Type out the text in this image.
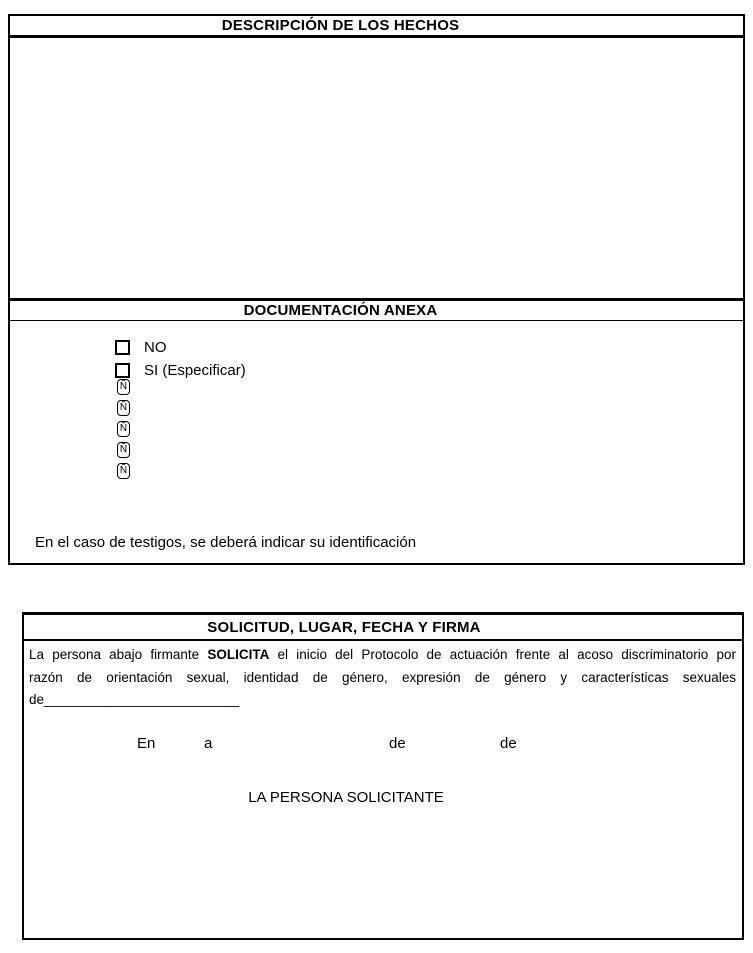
DESCRIPCIÓN DE LOS HECHOS
DOCUMENTACIÓN ANEXA
NO
SI (Especificar)
Ñ
Ñ
Ñ
Ñ
Ñ
En el caso de testigos, se deberá indicar su identificación
SOLICITUD, LUGAR, FECHA Y FIRMA
La persona abajo firmante SOLICITA el inicio del Protocolo de actuación frente al acoso discriminatorio por
razón de orientación sexual, identidad de género, expresión de género y características sexuales
de__________________________
En	a	de	de
LA PERSONA SOLICITANTE
